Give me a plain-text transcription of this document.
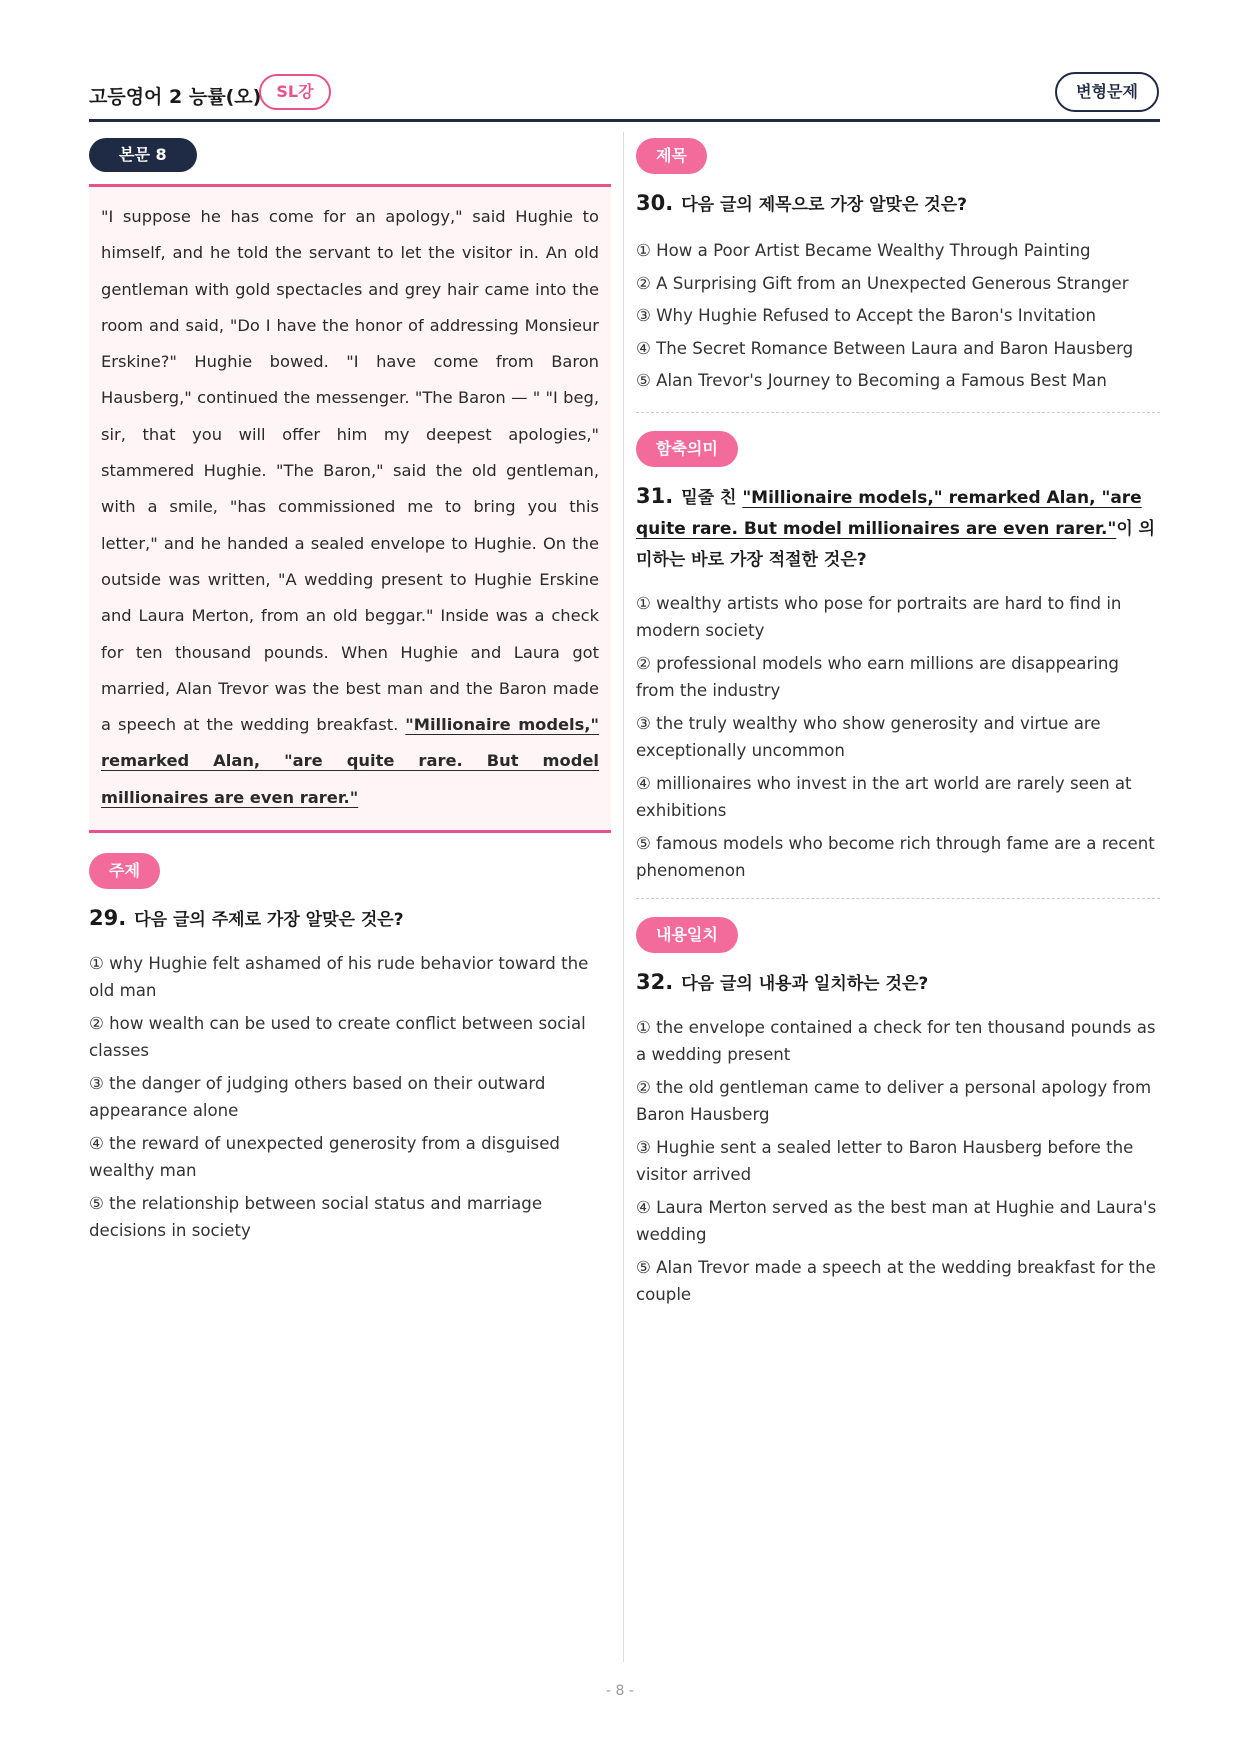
고등영어 2 능률(오) SL강	변형문제
본문 8

"I suppose he has come for an apology," said Hughie to himself, and he told the servant to let the visitor in. An old gentleman with gold spectacles and grey hair came into the room and said, "Do I have the honor of addressing Monsieur Erskine?" Hughie bowed. "I have come from Baron Hausberg," continued the messenger. "The Baron — " "I beg, sir, that you will offer him my deepest apologies," stammered Hughie. "The Baron," said the old gentleman, with a smile, "has commissioned me to bring you this letter," and he handed a sealed envelope to Hughie. On the outside was written, "A wedding present to Hughie Erskine and Laura Merton, from an old beggar." Inside was a check for ten thousand pounds. When Hughie and Laura got married, Alan Trevor was the best man and the Baron made a speech at the wedding breakfast. "Millionaire models," remarked Alan, "are quite rare. But model millionaires are even rarer."

주제
29. 다음 글의 주제로 가장 알맞은 것은?
① why Hughie felt ashamed of his rude behavior toward the old man
② how wealth can be used to create conflict between social classes
③ the danger of judging others based on their outward appearance alone
④ the reward of unexpected generosity from a disguised wealthy man
⑤ the relationship between social status and marriage decisions in society
제목
30. 다음 글의 제목으로 가장 알맞은 것은?
① How a Poor Artist Became Wealthy Through Painting
② A Surprising Gift from an Unexpected Generous Stranger
③ Why Hughie Refused to Accept the Baron's Invitation
④ The Secret Romance Between Laura and Baron Hausberg
⑤ Alan Trevor's Journey to Becoming a Famous Best Man
함축의미
31. 밑줄 친 "Millionaire models," remarked Alan, "are quite rare. But model millionaires are even rarer."이 의미하는 바로 가장 적절한 것은?
① wealthy artists who pose for portraits are hard to find in modern society
② professional models who earn millions are disappearing from the industry
③ the truly wealthy who show generosity and virtue are exceptionally uncommon
④ millionaires who invest in the art world are rarely seen at exhibitions
⑤ famous models who become rich through fame are a recent phenomenon
내용일치
32. 다음 글의 내용과 일치하는 것은?
① the envelope contained a check for ten thousand pounds as a wedding present
② the old gentleman came to deliver a personal apology from Baron Hausberg
③ Hughie sent a sealed letter to Baron Hausberg before the visitor arrived
④ Laura Merton served as the best man at Hughie and Laura's wedding
⑤ Alan Trevor made a speech at the wedding breakfast for the couple
- 8 -
